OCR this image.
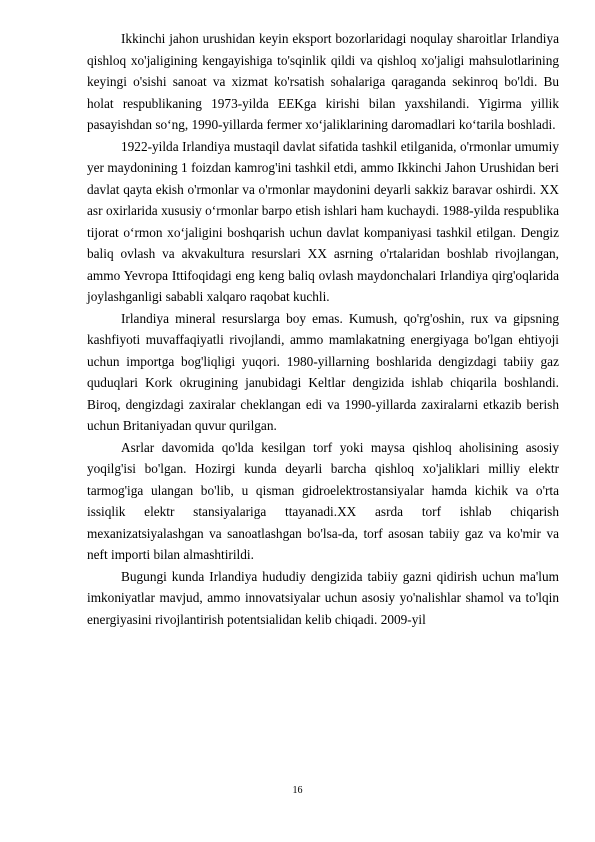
Ikkinchi jahon urushidan keyin eksport bozorlaridagi noqulay sharoitlar Irlandiya qishloq xo'jaligining kengayishiga to'sqinlik qildi va qishloq xo'jaligi mahsulotlarining keyingi o'sishi sanoat va xizmat ko'rsatish sohalariga qaraganda sekinroq bo'ldi. Bu holat respublikaning 1973-yilda EEKga kirishi bilan yaxshilandi. Yigirma yillik pasayishdan so‘ng, 1990-yillarda fermer xo‘jaliklarining daromadlari ko‘tarila boshladi.

1922-yilda Irlandiya mustaqil davlat sifatida tashkil etilganida, o'rmonlar umumiy yer maydonining 1 foizdan kamrog'ini tashkil etdi, ammo Ikkinchi Jahon Urushidan beri davlat qayta ekish o'rmonlar va o'rmonlar maydonini deyarli sakkiz baravar oshirdi. XX asr oxirlarida xususiy o‘rmonlar barpo etish ishlari ham kuchaydi. 1988-yilda respublika tijorat o‘rmon xo‘jaligini boshqarish uchun davlat kompaniyasi tashkil etilgan. Dengiz baliq ovlash va akvakultura resurslari XX asrning o'rtalaridan boshlab rivojlangan, ammo Yevropa Ittifoqidagi eng keng baliq ovlash maydonchalari Irlandiya qirg'oqlarida joylashganligi sababli xalqaro raqobat kuchli.

Irlandiya mineral resurslarga boy emas. Kumush, qo'rg'oshin, rux va gipsning kashfiyoti muvaffaqiyatli rivojlandi, ammo mamlakatning energiyaga bo'lgan ehtiyoji uchun importga bog'liqligi yuqori. 1980-yillarning boshlarida dengizdagi tabiiy gaz quduqlari Kork okrugining janubidagi Keltlar dengizida ishlab chiqarila boshlandi. Biroq, dengizdagi zaxiralar cheklangan edi va 1990-yillarda zaxiralarni etkazib berish uchun Britaniyadan quvur qurilgan.

Asrlar davomida qo'lda kesilgan torf yoki maysa qishloq aholisining asosiy yoqilg'isi bo'lgan. Hozirgi kunda deyarli barcha qishloq xo'jaliklari milliy elektr tarmog'iga ulangan bo'lib, u qisman gidroelektrostansiyalar hamda kichik va o'rta issiqlik elektr stansiyalariga ttayanadi.XX asrda torf ishlab chiqarish mexanizatsiyalashgan va sanoatlashgan bo'lsa-da, torf asosan tabiiy gaz va ko'mir va neft importi bilan almashtirildi.

Bugungi kunda Irlandiya hududiy dengizida tabiiy gazni qidirish uchun ma'lum imkoniyatlar mavjud, ammo innovatsiyalar uchun asosiy yo'nalishlar shamol va to'lqin energiyasini rivojlantirish potentsialidan kelib chiqadi. 2009-yil

16
